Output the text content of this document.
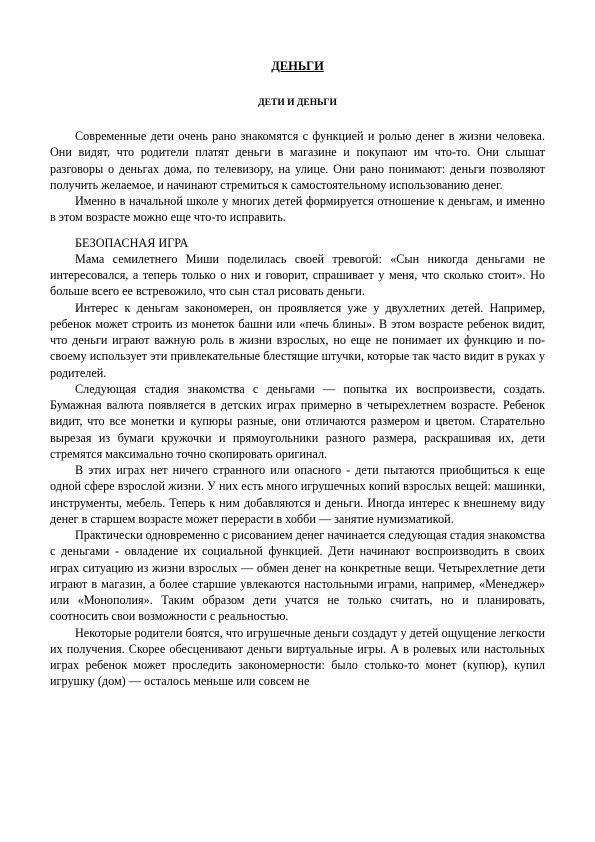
ДЕНЬГИ
ДЕТИ И ДЕНЬГИ

Современные дети очень рано знакомятся с функцией и ролью денег в жизни человека. Они видят, что родители платят деньги в магазине и покупают им что-то. Они слышат разговоры о деньгах дома, по телевизору, на улице. Они рано понимают: деньги позволяют получить желаемое, и начинают стремиться к самостоятельному использованию денег.

Именно в начальной школе у многих детей формируется отношение к деньгам, и именно в этом возрасте можно еще что-то исправить.

БЕЗОПАСНАЯ ИГРА

Мама семилетнего Миши поделилась своей тревогой: «Сын никогда деньгами не интересовался, а теперь только о них и говорит, спрашивает у меня, что сколько стоит». Но больше всего ее встревожило, что сын стал рисовать деньги.

Интерес к деньгам закономерен, он проявляется уже у двухлетних детей. Например, ребенок может строить из монеток башни или «печь блины». В этом возрасте ребенок видит, что деньги играют важную роль в жизни взрослых, но еще не понимает их функцию и по-своему использует эти привлекательные блестящие штучки, которые так часто видит в руках у родителей.

Следующая стадия знакомства с деньгами — попытка их воспроизвести, создать. Бумажная валюта появляется в детских играх примерно в четырехлетнем возрасте. Ребенок видит, что все монетки и купюры разные, они отличаются размером и цветом. Старательно вырезая из бумаги кружочки и прямоугольники разного размера, раскрашивая их, дети стремятся максимально точно скопировать оригинал.

В этих играх нет ничего странного или опасного - дети пытаются приобщиться к еще одной сфере взрослой жизни. У них есть много игрушечных копий взрослых вещей: машинки, инструменты, мебель. Теперь к ним добавляются и деньги. Иногда интерес к внешнему виду денег в старшем возрасте может перерасти в хобби — занятие нумизматикой.

Практически одновременно с рисованием денег начинается следующая стадия знакомства с деньгами - овладение их социальной функцией. Дети начинают воспроизводить в своих играх ситуацию из жизни взрослых — обмен денег на конкретные вещи. Четырехлетние дети играют в магазин, а более старшие увлекаются настольными играми, например, «Менеджер» или «Монополия». Таким образом дети учатся не только считать, но и планировать, соотносить свои возможности с реальностью.

Некоторые родители боятся, что игрушечные деньги создадут у детей ощущение легкости их получения. Скорее обесценивают деньги виртуальные игры. А в ролевых или настольных играх ребенок может проследить закономерности: было столько-то монет (купюр), купил игрушку (дом) — осталось меньше или совсем не
